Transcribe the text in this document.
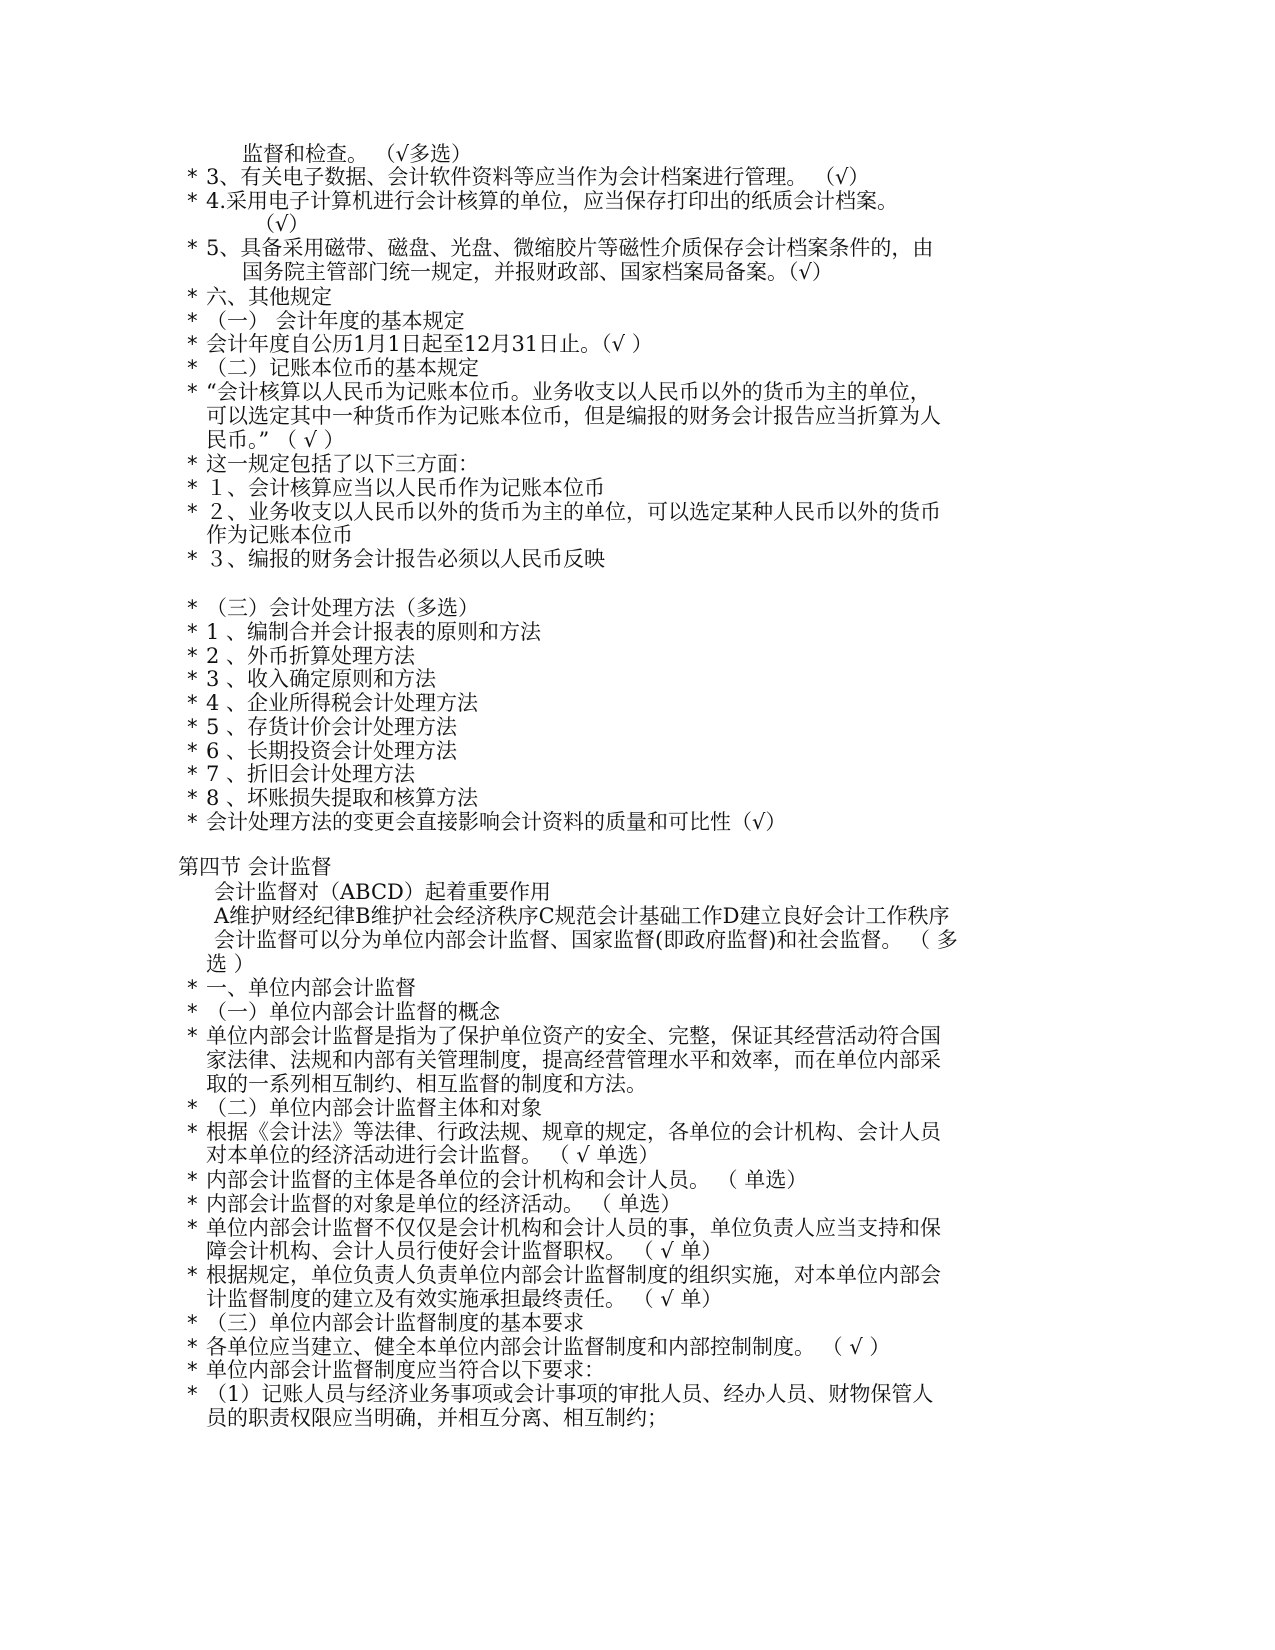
监督和检查。 （√多选）
* 3、有关电子数据、会计软件资料等应当作为会计档案进行管理。 （√）
* 4.采用电子计算机进行会计核算的单位，应当保存打印出的纸质会计档案。
（√）
* 5、具备采用磁带、磁盘、光盘、微缩胶片等磁性介质保存会计档案条件的，由
国务院主管部门统一规定，并报财政部、国家档案局备案。（√）
* 六、其他规定
* （一） 会计年度的基本规定
* 会计年度自公历1月1日起至12月31日止。（√ ）
* （二）记账本位币的基本规定
* “会计核算以人民币为记账本位币。业务收支以人民币以外的货币为主的单位，
可以选定其中一种货币作为记账本位币，但是编报的财务会计报告应当折算为人
民币。” （ √ ）
* 这一规定包括了以下三方面：
* １、会计核算应当以人民币作为记账本位币
* ２、业务收支以人民币以外的货币为主的单位，可以选定某种人民币以外的货币
作为记账本位币
* ３、编报的财务会计报告必须以人民币反映
* （三）会计处理方法（多选）
* 1 、编制合并会计报表的原则和方法
* 2 、外币折算处理方法
* 3 、收入确定原则和方法
* 4 、企业所得税会计处理方法
* 5 、存货计价会计处理方法
* 6 、长期投资会计处理方法
* 7 、折旧会计处理方法
* 8 、坏账损失提取和核算方法
* 会计处理方法的变更会直接影响会计资料的质量和可比性（√）
第四节 会计监督
会计监督对（ABCD）起着重要作用
A维护财经纪律B维护社会经济秩序C规范会计基础工作D建立良好会计工作秩序
会计监督可以分为单位内部会计监督、国家监督(即政府监督)和社会监督。 （ 多
选 ）
* 一、单位内部会计监督
* （一）单位内部会计监督的概念
* 单位内部会计监督是指为了保护单位资产的安全、完整，保证其经营活动符合国
家法律、法规和内部有关管理制度，提高经营管理水平和效率，而在单位内部采
取的一系列相互制约、相互监督的制度和方法。
* （二）单位内部会计监督主体和对象
* 根据《会计法》等法律、行政法规、规章的规定，各单位的会计机构、会计人员
对本单位的经济活动进行会计监督。 （ √ 单选）
* 内部会计监督的主体是各单位的会计机构和会计人员。 （ 单选）
* 内部会计监督的对象是单位的经济活动。 （ 单选）
* 单位内部会计监督不仅仅是会计机构和会计人员的事，单位负责人应当支持和保
障会计机构、会计人员行使好会计监督职权。 （ √ 单）
* 根据规定，单位负责人负责单位内部会计监督制度的组织实施，对本单位内部会
计监督制度的建立及有效实施承担最终责任。 （ √ 单）
* （三）单位内部会计监督制度的基本要求
* 各单位应当建立、健全本单位内部会计监督制度和内部控制制度。 （ √ ）
* 单位内部会计监督制度应当符合以下要求：
* （1）记账人员与经济业务事项或会计事项的审批人员、经办人员、财物保管人
员的职责权限应当明确，并相互分离、相互制约；
